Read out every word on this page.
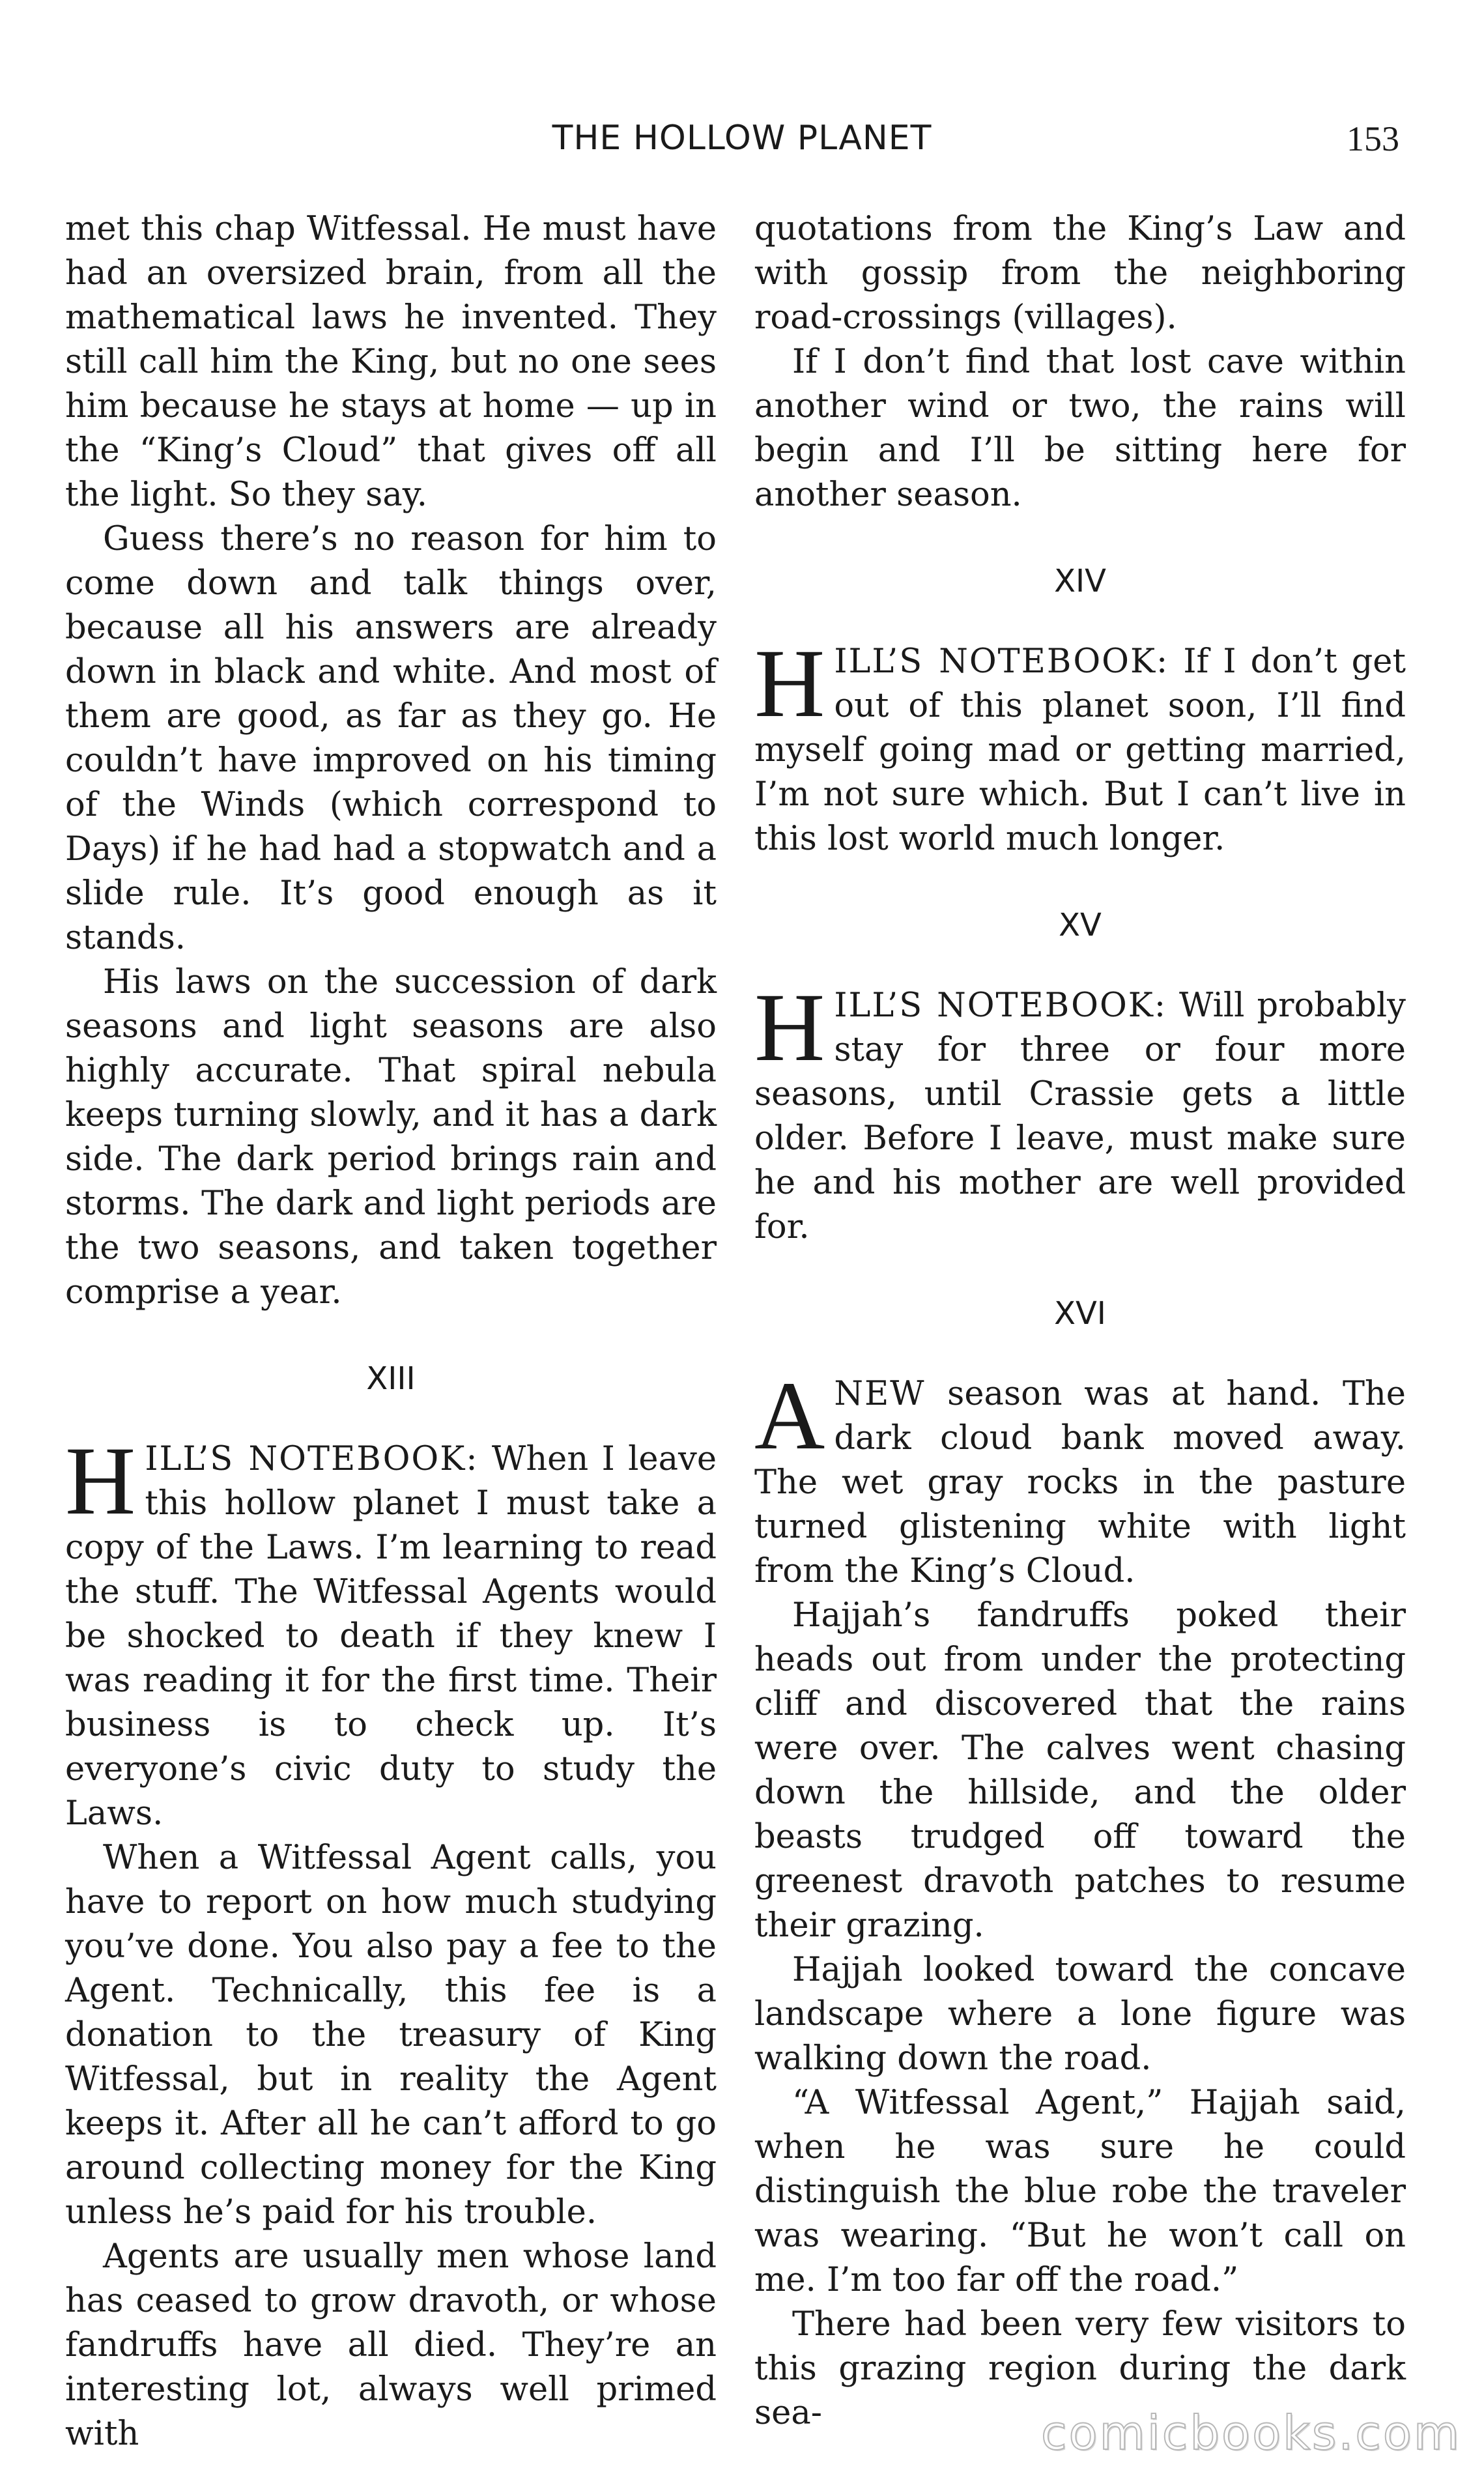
THE HOLLOW PLANET	153

met this chap Witfessal. He must have had an oversized brain, from all the mathematical laws he invented. They still call him the King, but no one sees him because he stays at home — up in the “King’s Cloud” that gives off all the light. So they say.

Guess there’s no reason for him to come down and talk things over, because all his answers are already down in black and white. And most of them are good, as far as they go. He couldn’t have improved on his timing of the Winds (which correspond to Days) if he had had a stopwatch and a slide rule. It’s good enough as it stands.

His laws on the succession of dark seasons and light seasons are also highly accurate. That spiral nebula keeps turning slowly, and it has a dark side. The dark period brings rain and storms. The dark and light periods are the two seasons, and taken together comprise a year.

XIII

HILL’S NOTEBOOK: When I leave this hollow planet I must take a copy of the Laws. I’m learning to read the stuff. The Witfessal Agents would be shocked to death if they knew I was reading it for the first time. Their business is to check up. It’s everyone’s civic duty to study the Laws.

When a Witfessal Agent calls, you have to report on how much studying you’ve done. You also pay a fee to the Agent. Technically, this fee is a donation to the treasury of King Witfessal, but in reality the Agent keeps it. After all he can’t afford to go around collecting money for the King unless he’s paid for his trouble.

Agents are usually men whose land has ceased to grow dravoth, or whose fandruffs have all died. They’re an interesting lot, always well primed with

quotations from the King’s Law and with gossip from the neighboring road-crossings (villages).

If I don’t find that lost cave within another wind or two, the rains will begin and I’ll be sitting here for another season.

XIV

HILL’S NOTEBOOK: If I don’t get out of this planet soon, I’ll find myself going mad or getting married, I’m not sure which. But I can’t live in this lost world much longer.

XV

HILL’S NOTEBOOK: Will probably stay for three or four more seasons, until Crassie gets a little older. Before I leave, must make sure he and his mother are well provided for.

XVI

ANEW season was at hand. The dark cloud bank moved away. The wet gray rocks in the pasture turned glistening white with light from the King’s Cloud.

Hajjah’s fandruffs poked their heads out from under the protecting cliff and discovered that the rains were over. The calves went chasing down the hillside, and the older beasts trudged off toward the greenest dravoth patches to resume their grazing.

Hajjah looked toward the concave landscape where a lone figure was walking down the road.

“A Witfessal Agent,” Hajjah said, when he was sure he could distinguish the blue robe the traveler was wearing. “But he won’t call on me. I’m too far off the road.”

There had been very few visitors to this grazing region during the dark sea-	comicbooks.com
